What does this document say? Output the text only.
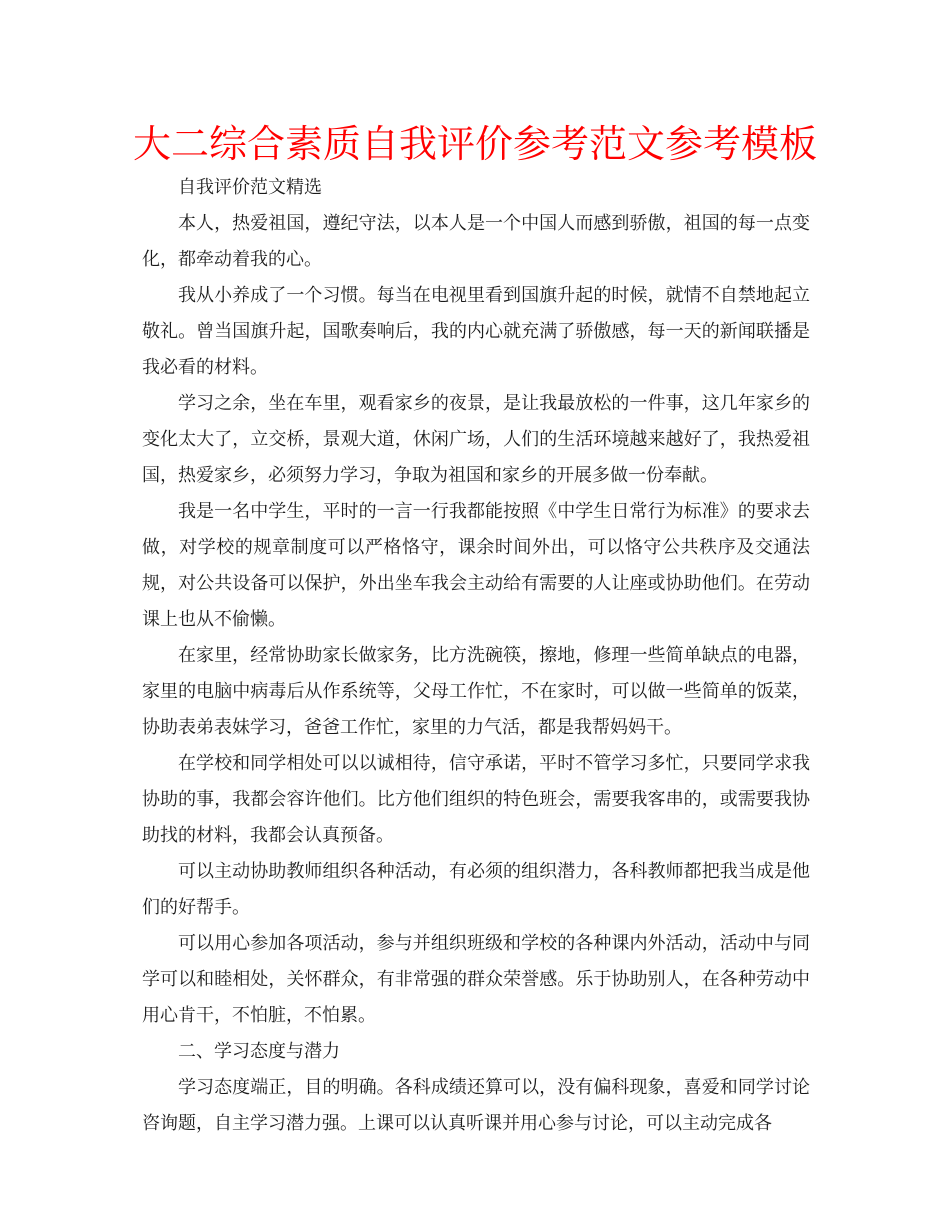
大二综合素质自我评价参考范文参考模板

自我评价范文精选

本人，热爱祖国，遵纪守法，以本人是一个中国人而感到骄傲，祖国的每一点变化，都牵动着我的心。

我从小养成了一个习惯。每当在电视里看到国旗升起的时候，就情不自禁地起立敬礼。曾当国旗升起，国歌奏响后，我的内心就充满了骄傲感，每一天的新闻联播是我必看的材料。

学习之余，坐在车里，观看家乡的夜景，是让我最放松的一件事，这几年家乡的变化太大了，立交桥，景观大道，休闲广场，人们的生活环境越来越好了，我热爱祖国，热爱家乡，必须努力学习，争取为祖国和家乡的开展多做一份奉献。

我是一名中学生，平时的一言一行我都能按照《中学生日常行为标准》的要求去做，对学校的规章制度可以严格恪守，课余时间外出，可以恪守公共秩序及交通法规，对公共设备可以保护，外出坐车我会主动给有需要的人让座或协助他们。在劳动课上也从不偷懒。

在家里，经常协助家长做家务，比方洗碗筷，擦地，修理一些简单缺点的电器，家里的电脑中病毒后从作系统等，父母工作忙，不在家时，可以做一些简单的饭菜，协助表弟表妹学习，爸爸工作忙，家里的力气活，都是我帮妈妈干。

在学校和同学相处可以以诚相待，信守承诺，平时不管学习多忙，只要同学求我协助的事，我都会容许他们。比方他们组织的特色班会，需要我客串的，或需要我协助找的材料，我都会认真预备。

可以主动协助教师组织各种活动，有必须的组织潜力，各科教师都把我当成是他们的好帮手。

可以用心参加各项活动，参与并组织班级和学校的各种课内外活动，活动中与同学可以和睦相处，关怀群众，有非常强的群众荣誉感。乐于协助别人，在各种劳动中用心肯干，不怕脏，不怕累。

二、学习态度与潜力

学习态度端正，目的明确。各科成绩还算可以，没有偏科现象，喜爱和同学讨论咨询题，自主学习潜力强。上课可以认真听课并用心参与讨论，可以主动完成各
